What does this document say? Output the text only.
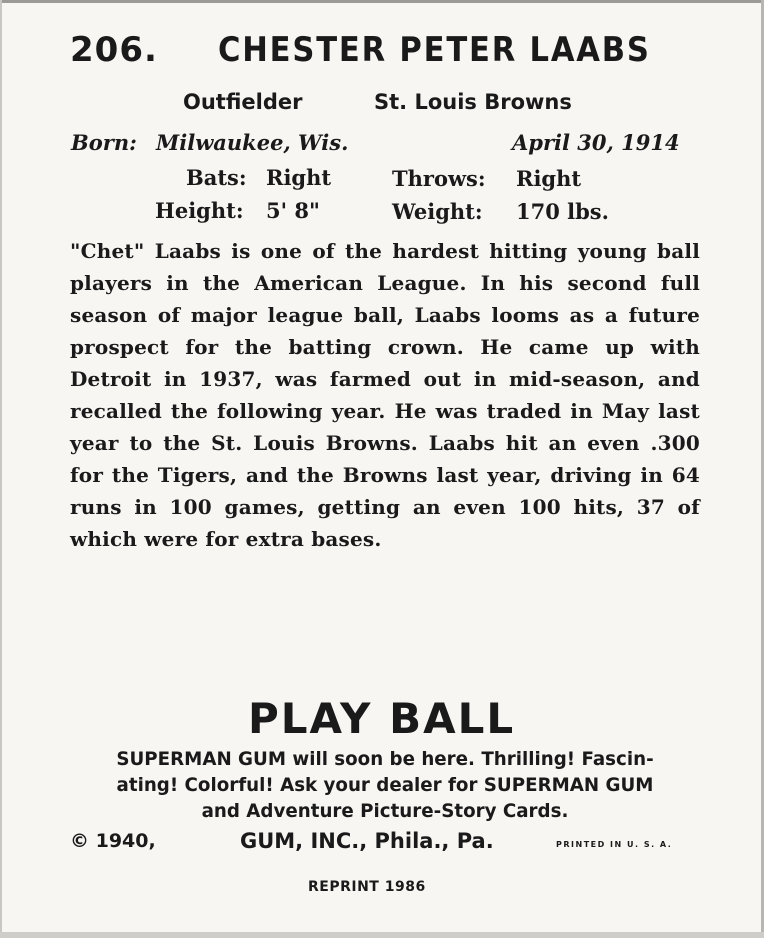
206. CHESTER PETER LAABS
Outfielder	St. Louis Browns
Born: Milwaukee, Wis.	April 30, 1914
Bats: Right	Throws: Right
Height: 5' 8"	Weight: 170 lbs.
"Chet" Laabs is one of the hardest hitting young ball players in the American League. In his second full season of major league ball, Laabs looms as a future prospect for the batting crown. He came up with Detroit in 1937, was farmed out in mid-season, and recalled the following year. He was traded in May last year to the St. Louis Browns. Laabs hit an even .300 for the Tigers, and the Browns last year, driving in 64 runs in 100 games, getting an even 100 hits, 37 of which were for extra bases.
PLAY BALL
SUPERMAN GUM will soon be here. Thrilling! Fascin-
ating! Colorful! Ask your dealer for SUPERMAN GUM
and Adventure Picture-Story Cards.
© 1940,	GUM, INC., Phila., Pa.	PRINTED IN U. S. A.
REPRINT 1986
